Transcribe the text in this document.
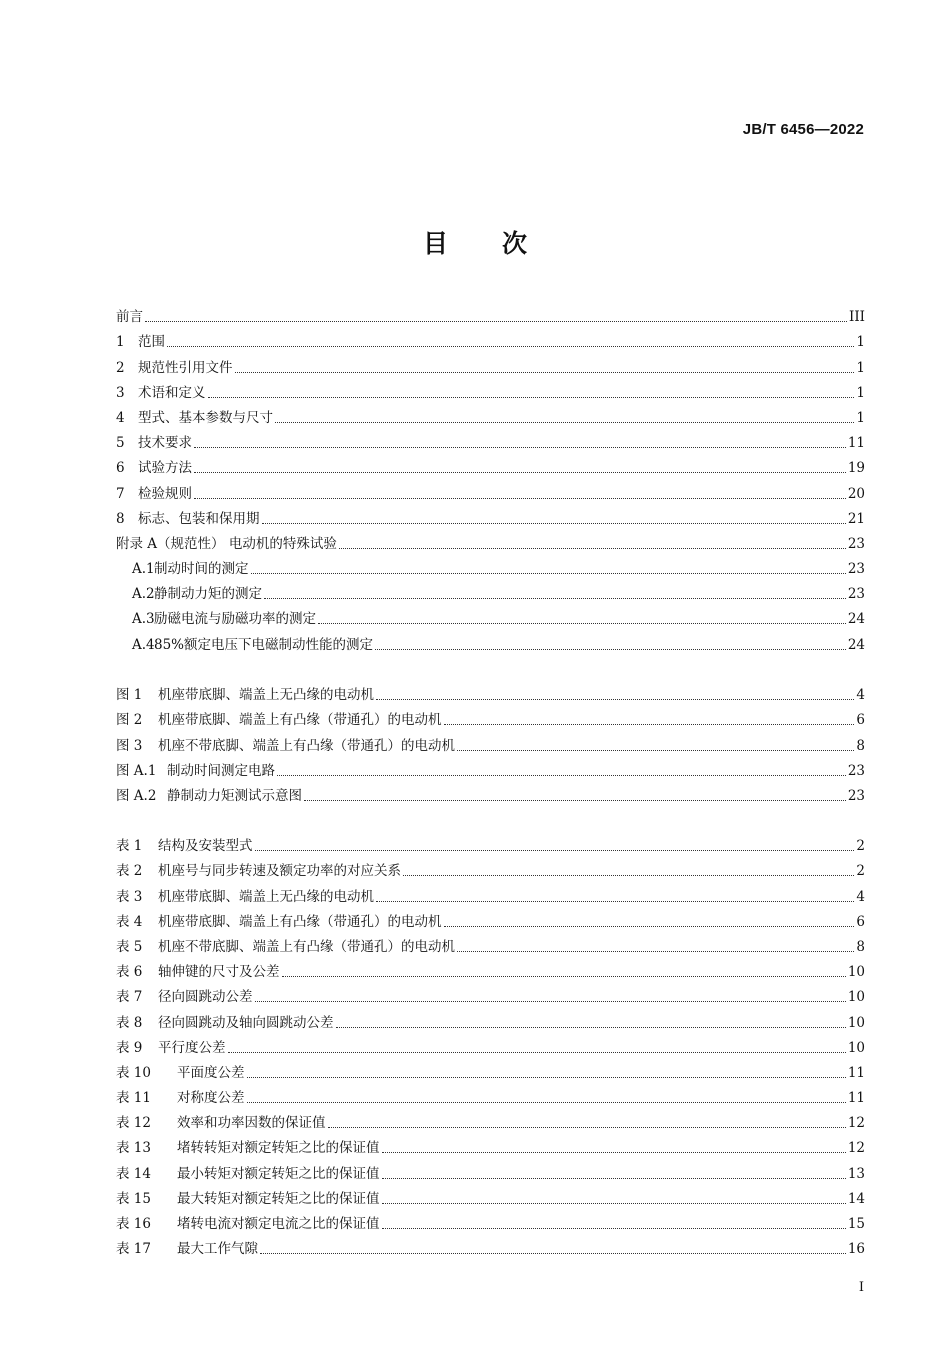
JB/T 6456—2022
目 次
前言	III
1 范围	1
2 规范性引用文件	1
3 术语和定义	1
4 型式、基本参数与尺寸	1
5 技术要求	11
6 试验方法	19
7 检验规则	20
8 标志、包装和保用期	21
附录 A（规范性） 电动机的特殊试验	23
A.1制动时间的测定	23
A.2静制动力矩的测定	23
A.3励磁电流与励磁功率的测定	24
A.485%额定电压下电磁制动性能的测定	24
图 1 机座带底脚、端盖上无凸缘的电动机	4
图 2 机座带底脚、端盖上有凸缘（带通孔）的电动机	6
图 3 机座不带底脚、端盖上有凸缘（带通孔）的电动机	8
图 A.1 制动时间测定电路	23
图 A.2 静制动力矩测试示意图	23
表 1 结构及安装型式	2
表 2 机座号与同步转速及额定功率的对应关系	2
表 3 机座带底脚、端盖上无凸缘的电动机	4
表 4 机座带底脚、端盖上有凸缘（带通孔）的电动机	6
表 5 机座不带底脚、端盖上有凸缘（带通孔）的电动机	8
表 6 轴伸键的尺寸及公差	10
表 7 径向圆跳动公差	10
表 8 径向圆跳动及轴向圆跳动公差	10
表 9 平行度公差	10
表 10 平面度公差	11
表 11 对称度公差	11
表 12 效率和功率因数的保证值	12
表 13 堵转转矩对额定转矩之比的保证值	12
表 14 最小转矩对额定转矩之比的保证值	13
表 15 最大转矩对额定转矩之比的保证值	14
表 16 堵转电流对额定电流之比的保证值	15
表 17 最大工作气隙	16
I
